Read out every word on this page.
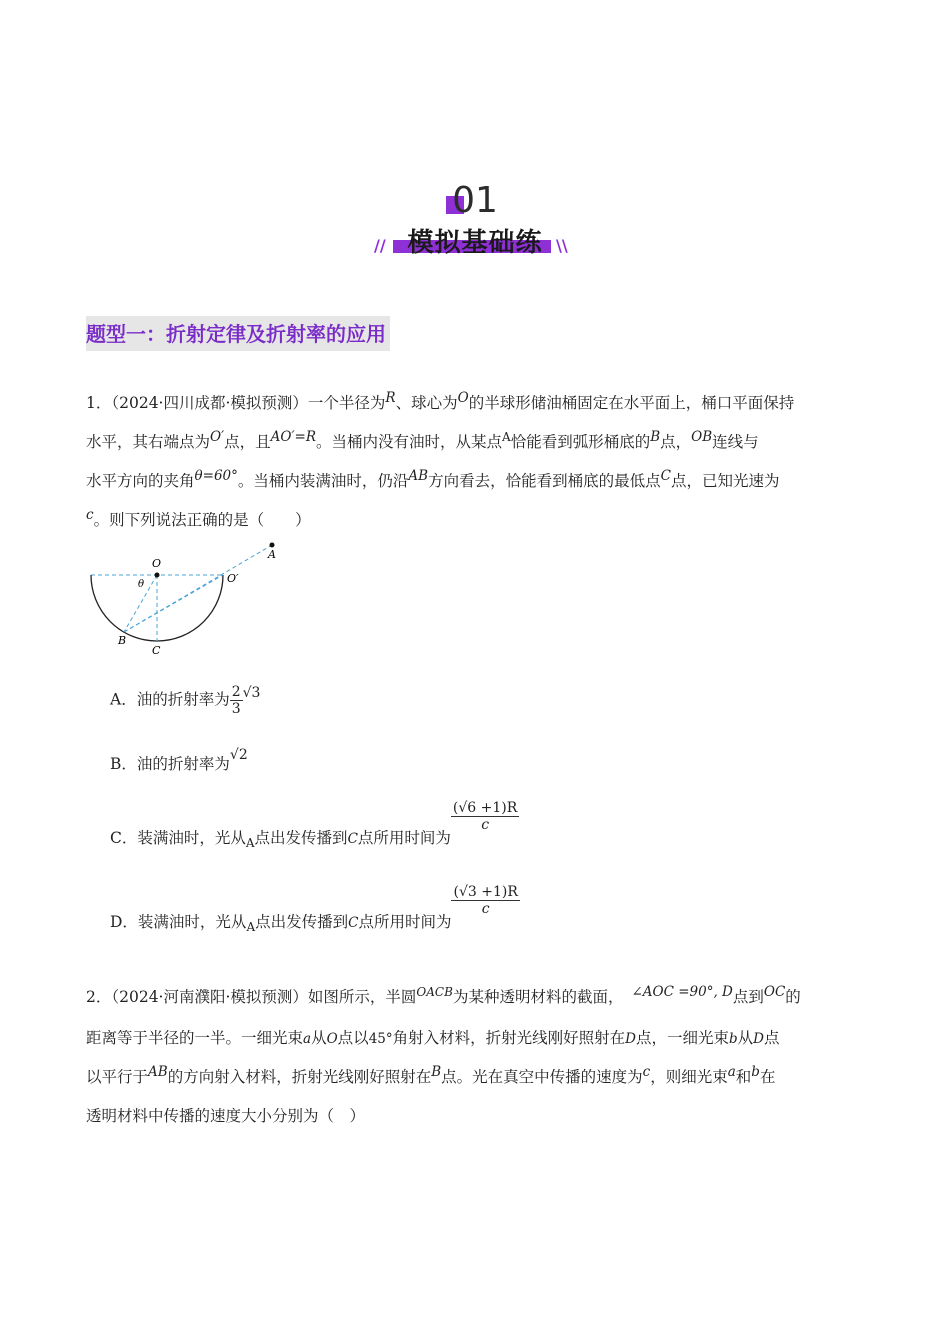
01
模拟基础练
//	\\
题型一：折射定律及折射率的应用
1．（2024·四川成都·模拟预测）一个半径为R、球心为O的半球形储油桶固定在水平面上，桶口平面保持
水平，其右端点为O′点，且AO′=R。当桶内没有油时，从某点$^A$恰能看到弧形桶底的B点，OB连线与
水平方向的夹角θ=60°。当桶内装满油时，仍沿AB方向看去，恰能看到桶底的最低点C点，已知光速为
c。则下列说法正确的是（　　）
O
O′
A
B
C
θ
A．油的折射率为 $\frac{2}{3} √3$
B．油的折射率为√2
C．装满油时，光从$_A$点出发传播到C点所用时间为
$\frac{(√6 +1)R}{c}$
D．装满油时，光从$_A$点出发传播到C点所用时间为
$\frac{(√3 +1)R}{c}$
2．（2024·河南濮阳·模拟预测）如图所示，半圆$^{OACB}$为某种透明材料的截面， ∠AOC =90°, D点到OC的
距离等于半径的一半。一细光束a从O点以45°角射入材料，折射光线刚好照射在D点，一细光束b从D点
以平行于AB的方向射入材料，折射光线刚好照射在B点。光在真空中传播的速度为c，则细光束a和b在
透明材料中传播的速度大小分别为（　）
